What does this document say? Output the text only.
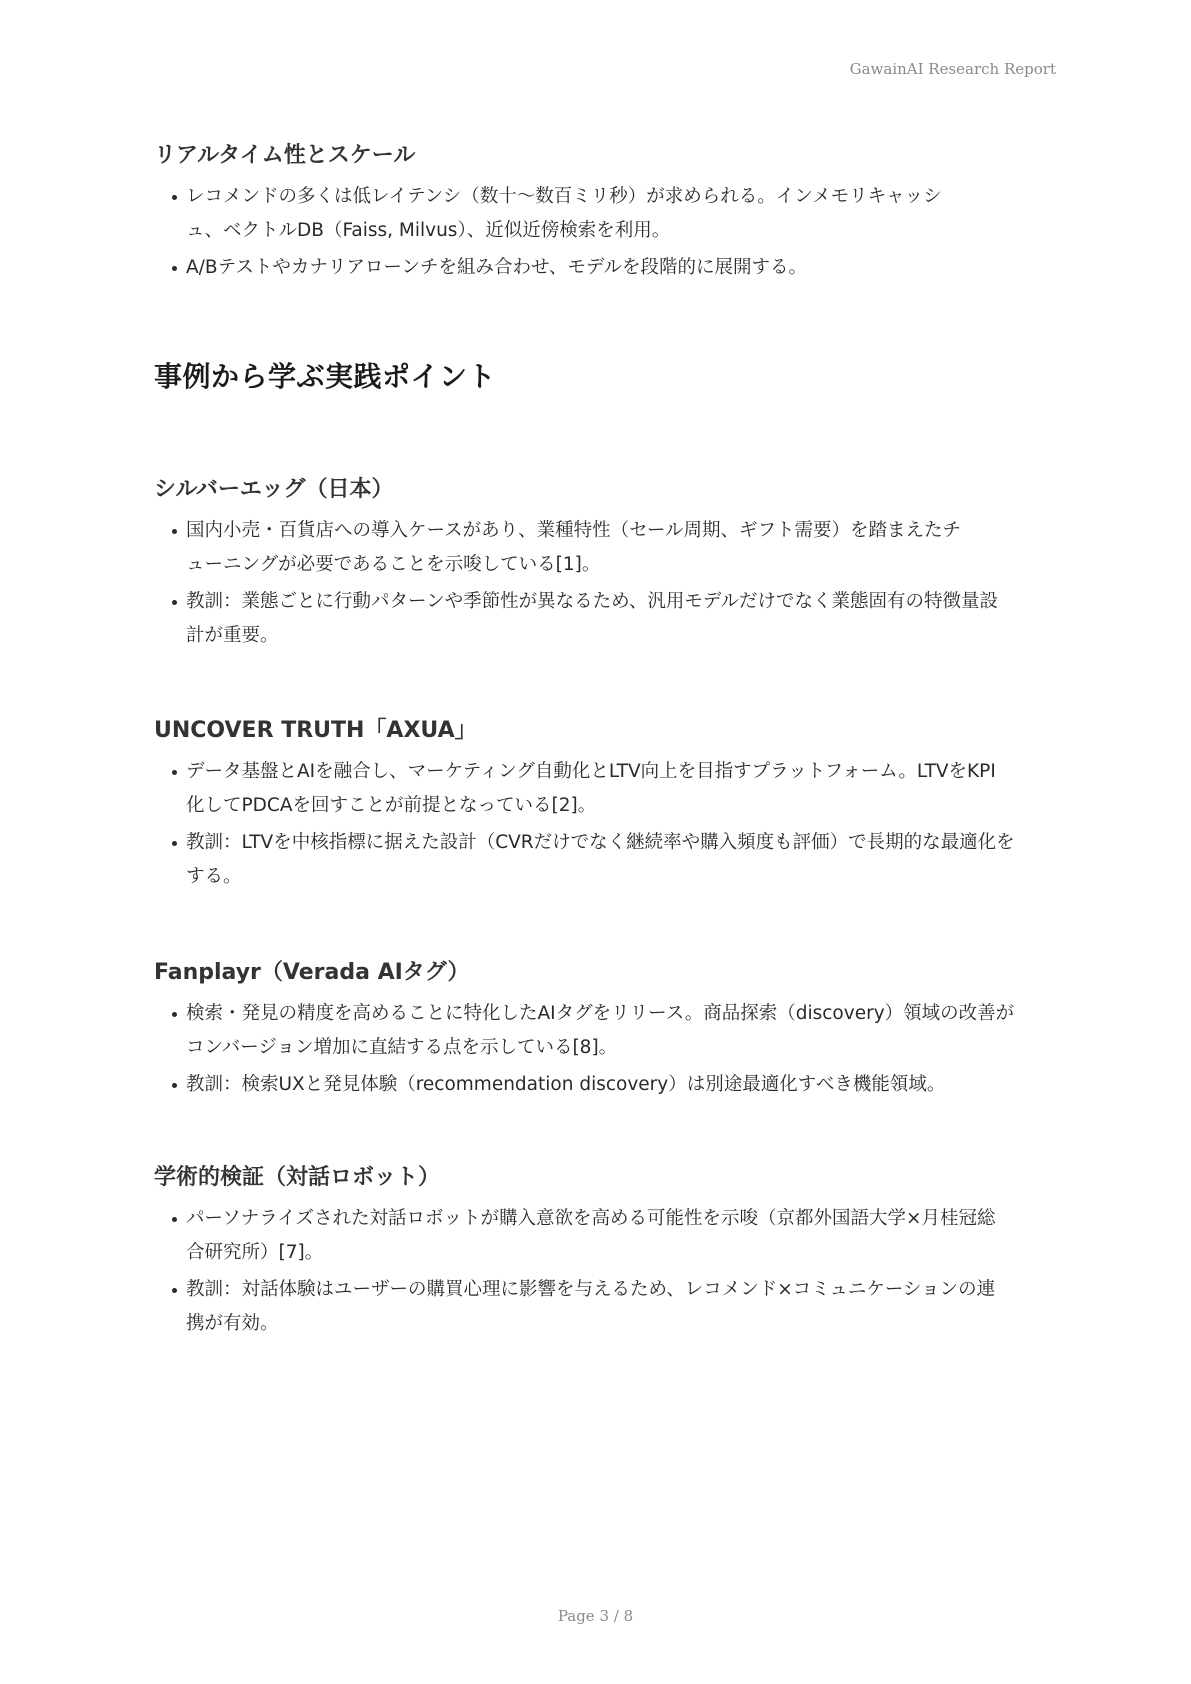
GawainAI Research Report
リアルタイム性とスケール
レコメンドの多くは低レイテンシ（数十〜数百ミリ秒）が求められる。インメモリキャッシュ、ベクトルDB（Faiss, Milvus）、近似近傍検索を利用。
A/Bテストやカナリアローンチを組み合わせ、モデルを段階的に展開する。
事例から学ぶ実践ポイント
シルバーエッグ（日本）
国内小売・百貨店への導入ケースがあり、業種特性（セール周期、ギフト需要）を踏まえたチューニングが必要であることを示唆している[1]。
教訓：業態ごとに行動パターンや季節性が異なるため、汎用モデルだけでなく業態固有の特徴量設計が重要。
UNCOVER TRUTH「AXUA」
データ基盤とAIを融合し、マーケティング自動化とLTV向上を目指すプラットフォーム。LTVをKPI化してPDCAを回すことが前提となっている[2]。
教訓：LTVを中核指標に据えた設計（CVRだけでなく継続率や購入頻度も評価）で長期的な最適化をする。
Fanplayr（Verada AIタグ）
検索・発見の精度を高めることに特化したAIタグをリリース。商品探索（discovery）領域の改善がコンバージョン増加に直結する点を示している[8]。
教訓：検索UXと発見体験（recommendation discovery）は別途最適化すべき機能領域。
学術的検証（対話ロボット）
パーソナライズされた対話ロボットが購入意欲を高める可能性を示唆（京都外国語大学×月桂冠総合研究所）[7]。
教訓：対話体験はユーザーの購買心理に影響を与えるため、レコメンド×コミュニケーションの連携が有効。
Page 3 / 8
